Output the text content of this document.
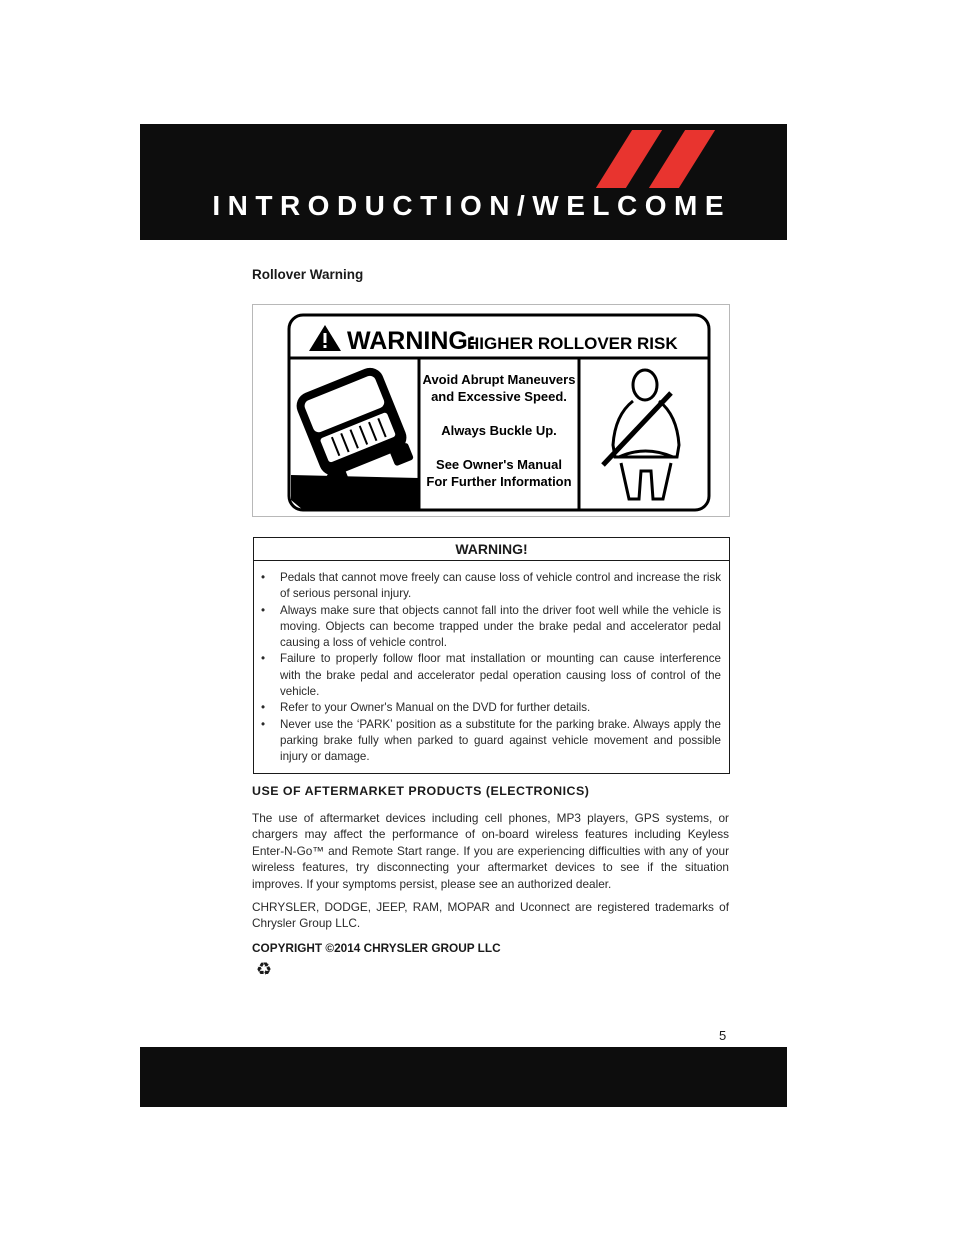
INTRODUCTION/WELCOME
Rollover Warning
WARNING:
HIGHER ROLLOVER RISK
Avoid Abrupt Maneuvers
and Excessive Speed.
Always Buckle Up.
See Owner's Manual
For Further Information
WARNING!
• Pedals that cannot move freely can cause loss of vehicle control and increase the risk of serious personal injury.
• Always make sure that objects cannot fall into the driver foot well while the vehicle is moving. Objects can become trapped under the brake pedal and accelerator pedal causing a loss of vehicle control.
• Failure to properly follow floor mat installation or mounting can cause interference with the brake pedal and accelerator pedal operation causing loss of control of the vehicle.
• Refer to your Owner's Manual on the DVD for further details.
• Never use the ‘PARK’ position as a substitute for the parking brake. Always apply the parking brake fully when parked to guard against vehicle movement and possible injury or damage.
USE OF AFTERMARKET PRODUCTS (ELECTRONICS)

The use of aftermarket devices including cell phones, MP3 players, GPS systems, or chargers may affect the performance of on-board wireless features including Keyless Enter-N-Go™ and Remote Start range. If you are experiencing difficulties with any of your wireless features, try disconnecting your aftermarket devices to see if the situation improves. If your symptoms persist, please see an authorized dealer.

CHRYSLER, DODGE, JEEP, RAM, MOPAR and Uconnect are registered trademarks of Chrysler Group LLC.

COPYRIGHT ©2014 CHRYSLER GROUP LLC
♻
5
